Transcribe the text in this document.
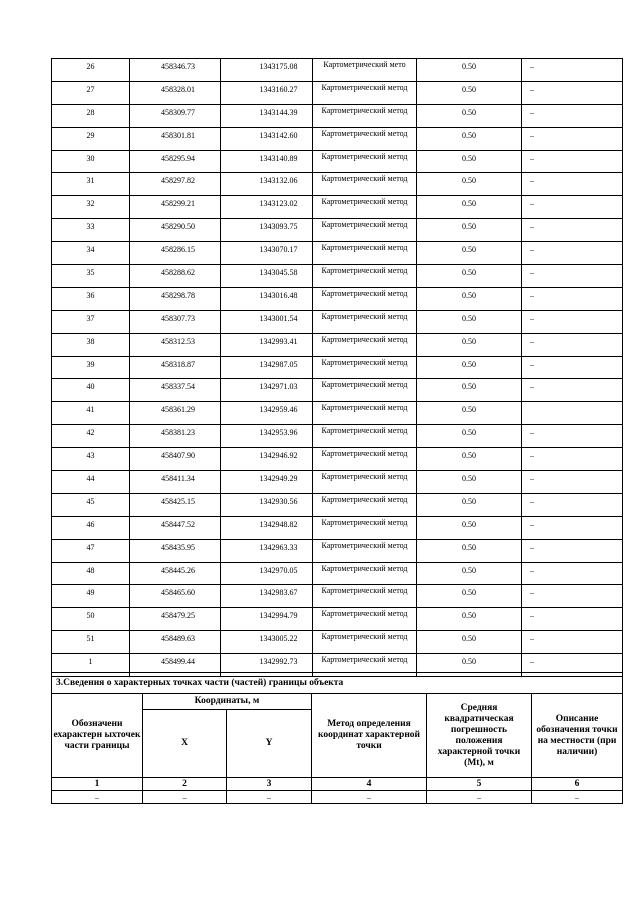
26	458346.73	1343175.08	Картометрический мето	0.50	–
27	458328.01	1343160.27	Картометрический метод	0.50	–
28	458309.77	1343144.39	Картометрический метод	0.50	–
29	458301.81	1343142.60	Картометрический метод	0.50	–
30	458295.94	1343140.89	Картометрический метод	0.50	–
31	458297.82	1343132.06	Картометрический метод	0.50	–
32	458299.21	1343123.02	Картометрический метод	0.50	–
33	458290.50	1343093.75	Картометрический метод	0.50	–
34	458286.15	1343070.17	Картометрический метод	0.50	–
35	458288.62	1343045.58	Картометрический метод	0.50	–
36	458298.78	1343016.48	Картометрический метод	0.50	–
37	458307.73	1343001.54	Картометрический метод	0.50	–
38	458312.53	1342993.41	Картометрический метод	0.50	–
39	458318.87	1342987.05	Картометрический метод	0.50	–
40	458337.54	1342971.03	Картометрический метод	0.50	–
41	458361.29	1342959.46	Картометрический метод	0.50	
42	458381.23	1342953.96	Картометрический метод	0.50	–
43	458407.90	1342946.92	Картометрический метод	0.50	–
44	458411.34	1342949.29	Картометрический метод	0.50	–
45	458425.15	1342930.56	Картометрический метод	0.50	–
46	458447.52	1342948.82	Картометрический метод	0.50	–
47	458435.95	1342963.33	Картометрический метод	0.50	–
48	458445.26	1342970.05	Картометрический метод	0.50	–
49	458465.60	1342983.67	Картометрический метод	0.50	–
50	458479.25	1342994.79	Картометрический метод	0.50	–
51	458489.63	1343005.22	Картометрический метод	0.50	–
1	458499.44	1342992.73	Картометрический метод	0.50	–
3.Сведения о характерных точках части (частей) границы объекта					
Обозначени ехарактерн ыхточек части границы	Координаты, м		Метод определения координат характерной точки	Средняя квадратическая погрешность положения характерной точки (Mt), м	Описание обозначения точки на местности (при наличии)
	X	Y			
1	2	3	4	5	6
–	–	–	–	–	–
